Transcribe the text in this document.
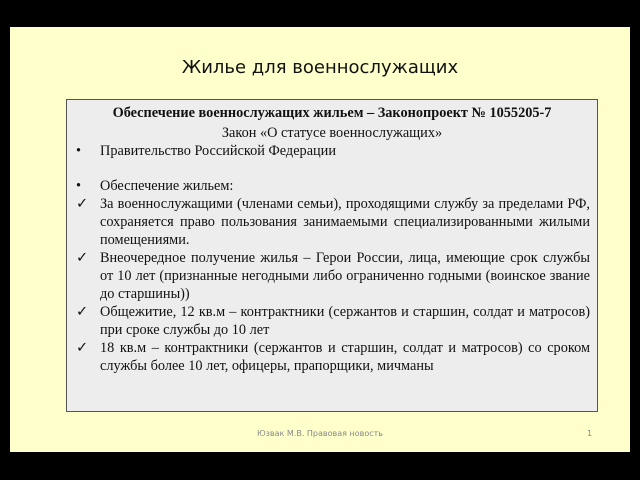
Жилье для военнослужащих

Обеспечение военнослужащих жильем – Законопроект № 1055205-7

Закон «О статусе военнослужащих»

•	Правительство Российской Федерации
•	Обеспечение жильем:
✓ За военнослужащими (членами семьи), проходящими службу за пределами РФ, сохраняется право пользования занимаемыми специализированными жилыми помещениями.
✓ Внеочередное получение жилья – Герои России, лица, имеющие срок службы от 10 лет (признанные негодными либо ограниченно годными (воинское звание до старшины))
✓ Общежитие, 12 кв.м – контрактники (сержантов и старшин, солдат и матросов) при сроке службы до 10 лет
✓ 18 кв.м – контрактники (сержантов и старшин, солдат и матросов) со сроком службы более 10 лет, офицеры, прапорщики, мичманы
Юзвак М.В. Правовая новость	1
